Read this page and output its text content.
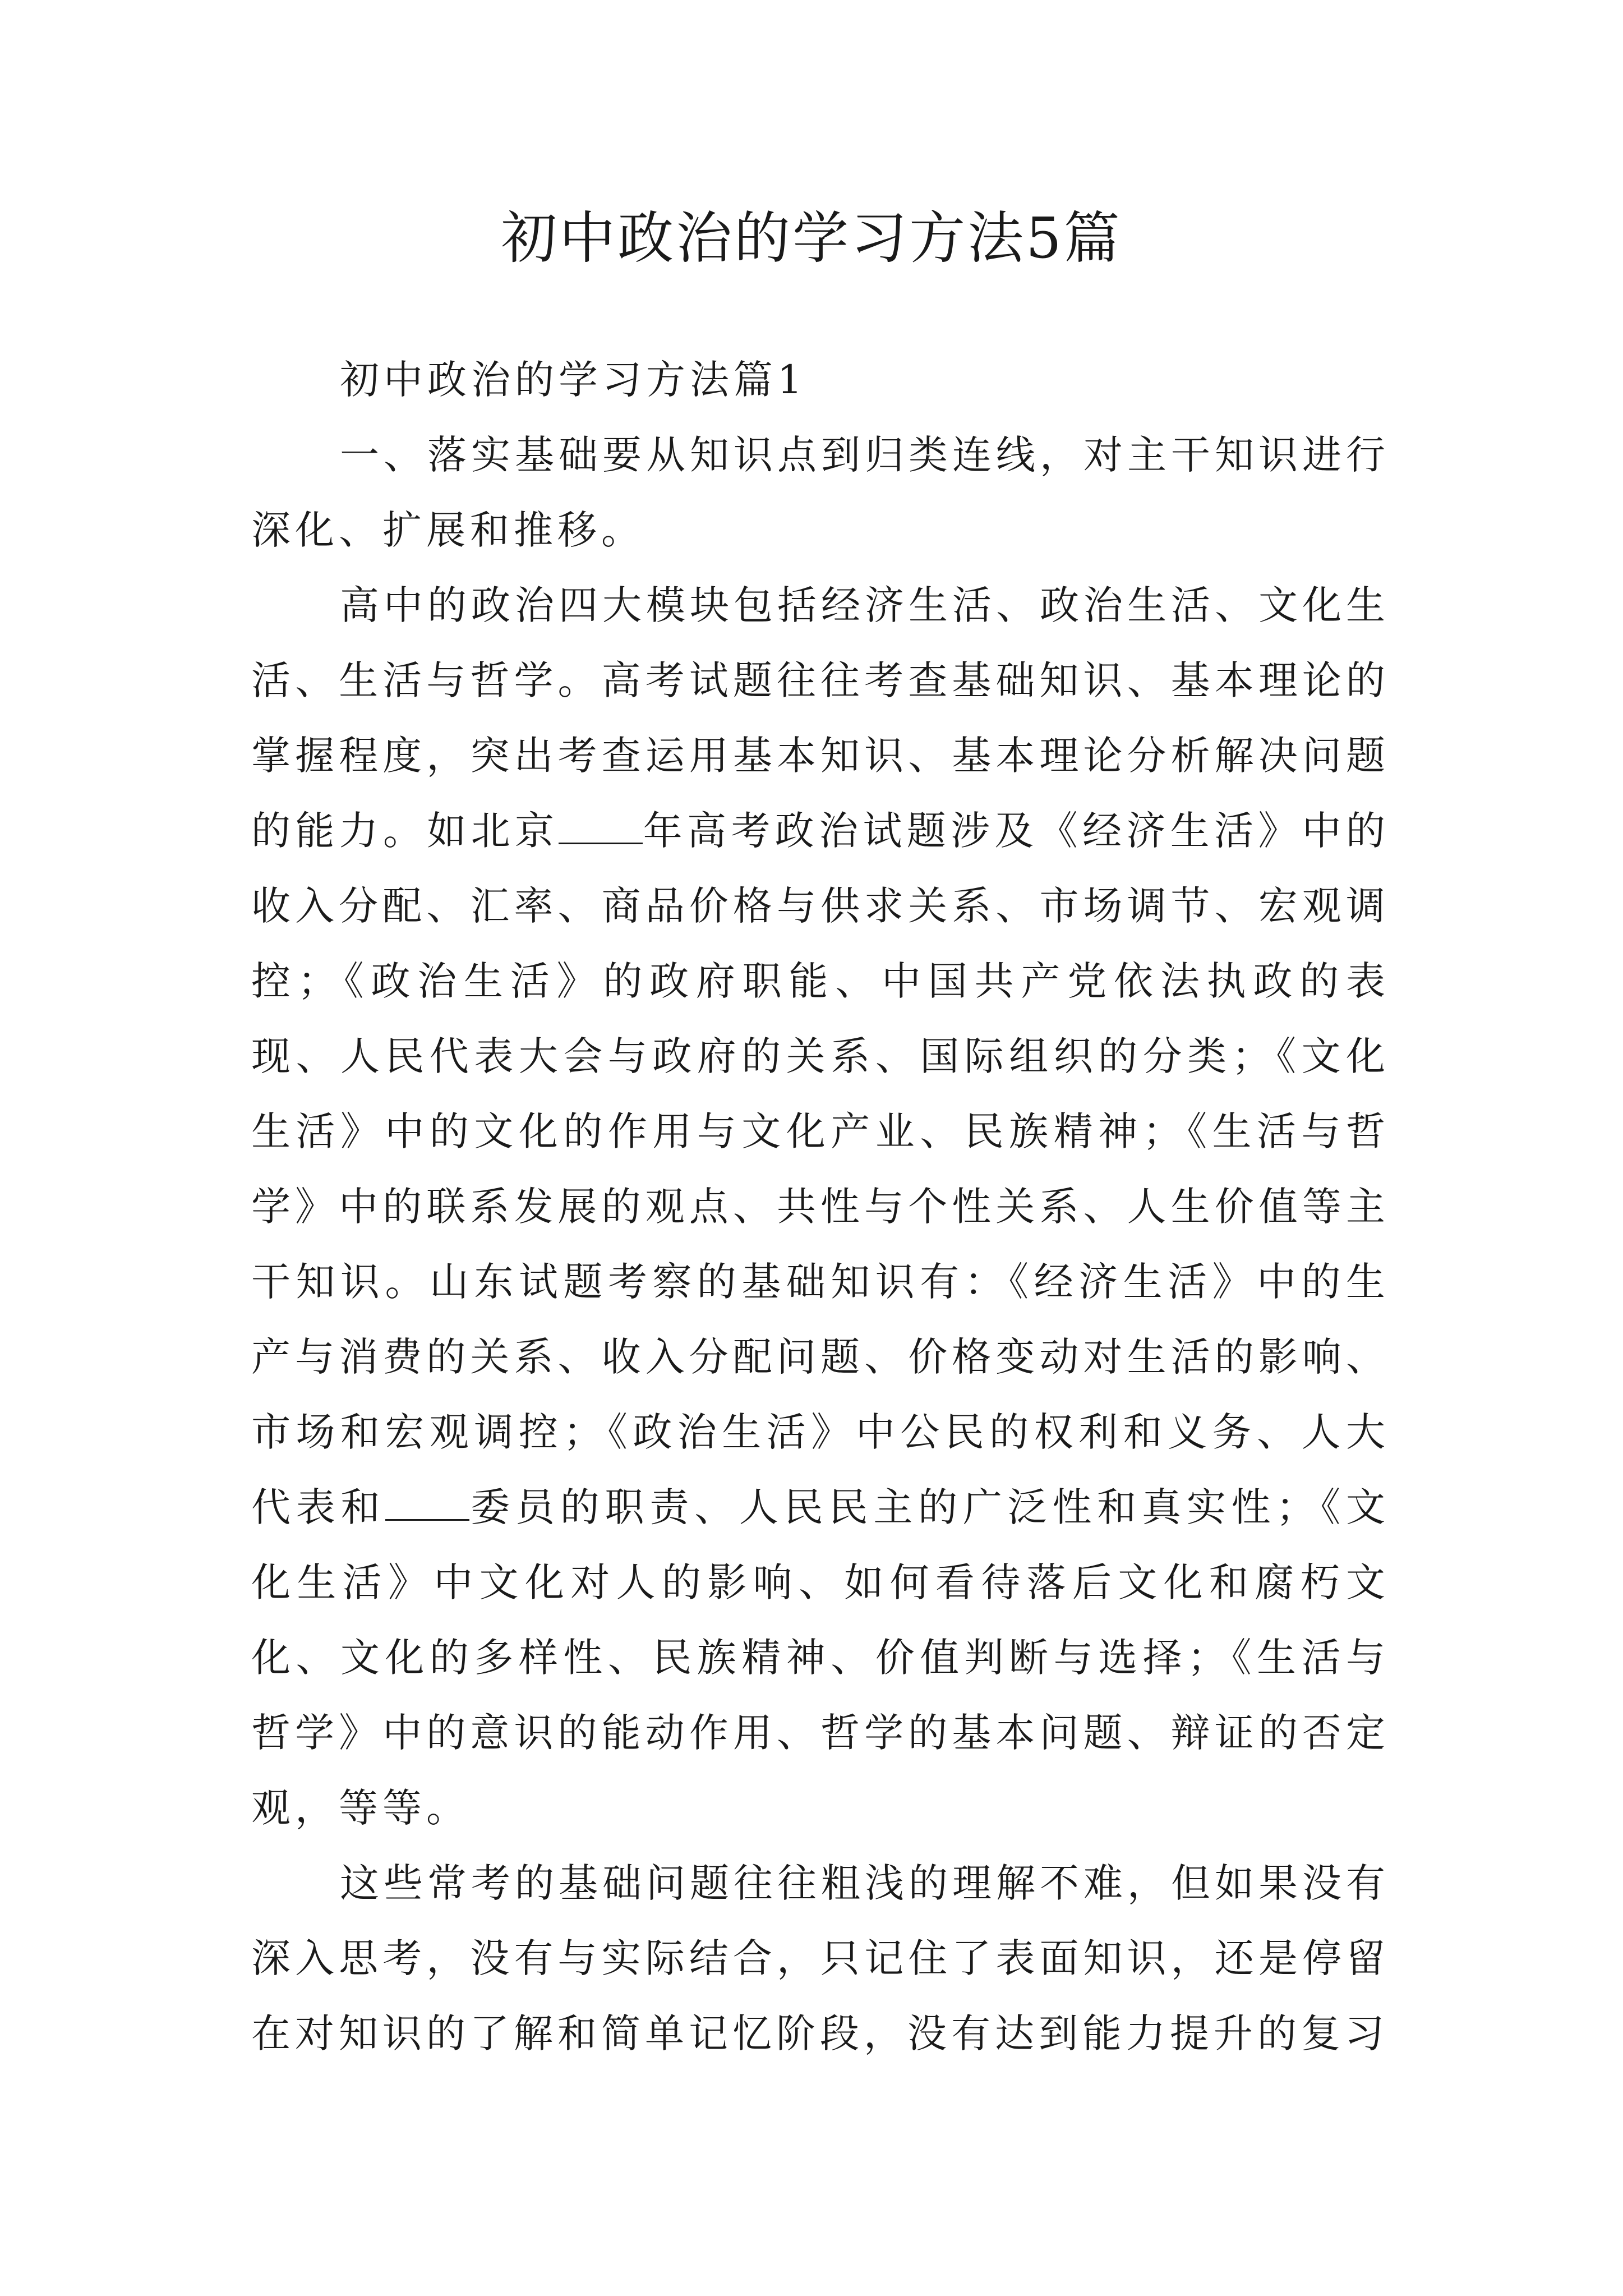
初中政治的学习方法5篇

初中政治的学习方法篇1

一、落实基础要从知识点到归类连线，对主干知识进行深化、扩展和推移。

高中的政治四大模块包括经济生活、政治生活、文化生活、生活与哲学。高考试题往往考查基础知识、基本理论的掌握程度，突出考查运用基本知识、基本理论分析解决问题的能力。如北京 年高考政治试题涉及《经济生活》中的收入分配、汇率、商品价格与供求关系、市场调节、宏观调控；《政治生活》的政府职能、中国共产党依法执政的表现、人民代表大会与政府的关系、国际组织的分类；《文化生活》中的文化的作用与文化产业、民族精神；《生活与哲学》中的联系发展的观点、共性与个性关系、人生价值等主干知识。山东试题考察的基础知识有：《经济生活》中的生产与消费的关系、收入分配问题、价格变动对生活的影响、市场和宏观调控；《政治生活》中公民的权利和义务、人大代表和 委员的职责、人民民主的广泛性和真实性；《文化生活》中文化对人的影响、如何看待落后文化和腐朽文化、文化的多样性、民族精神、价值判断与选择；《生活与哲学》中的意识的能动作用、哲学的基本问题、辩证的否定观，等等。

这些常考的基础问题往往粗浅的理解不难，但如果没有深入思考，没有与实际结合，只记住了表面知识，还是停留在对知识的了解和简单记忆阶段，没有达到能力提升的复习
